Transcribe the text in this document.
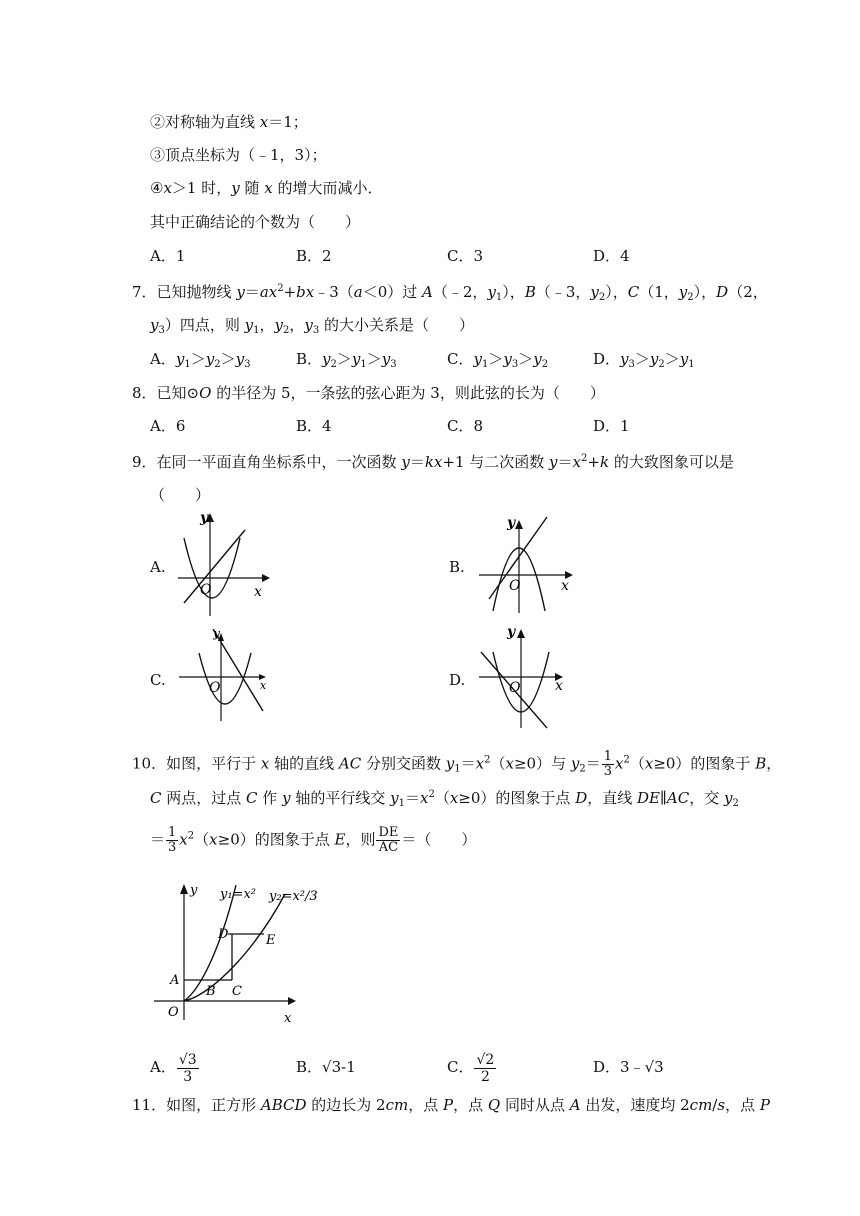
②对称轴为直线 x＝1；
③顶点坐标为（﹣1，3）；
④x＞1 时，y 随 x 的增大而减小．
其中正确结论的个数为（　　）
A．1	B．2	C．3	D．4
7．已知抛物线 $y=ax^2+bx﹣3(a<0)$过 A（﹣2，$y_1$），B（﹣3，$y_2$），C（1，$y_2$），D（2，
$y_3$）四点，则 $y_1$，$y_2$，$y_3$ 的大小关系是（　　）
A．$y_1>y_2>y_3$	B．$y_2>y_1>y_3$	C．$y_1>y_3>y_2$	D．$y_3>y_2>y_1$
8．已知⊙O 的半径为 5，一条弦的弦心距为 3，则此弦的长为（　　）
A．6	B．4	C．8	D．1
9．在同一平面直角坐标系中，一次函数 y＝kx+1 与二次函数 $y=x^2+k$ 的大致图象可以是
（　　）
A.	B.
C.	D.
y
O	x
y
O	x
y
O	x
y
O x
10．如图，平行于 x 轴的直线 AC 分别交函数 $y_1=x^2(x\ge 0)$与 $y_2= \frac{1}{3} x^2(x\ge 0)$的图象于 B，
C 两点，过点 C 作 y 轴的平行线交 $y_1=x^2(x\ge 0)$的图象于点 D，直线 DE∥AC，交 $y_2$
＝ $\frac{1}{3} x^2(x\ge 0)$的图象于点 E，则 $\frac{DE}{AC}$ ＝（　　）
y y₁=x² y₂=x²/3
A
B C
D	E
O	x
A． $\frac{√3}{3}$	B．√3-1	C． $\frac{√2}{2}$	D．3﹣√3
11．如图，正方形 ABCD 的边长为 2cm，点 P，点 Q 同时从点 A 出发，速度均 2cm/s，点 P
